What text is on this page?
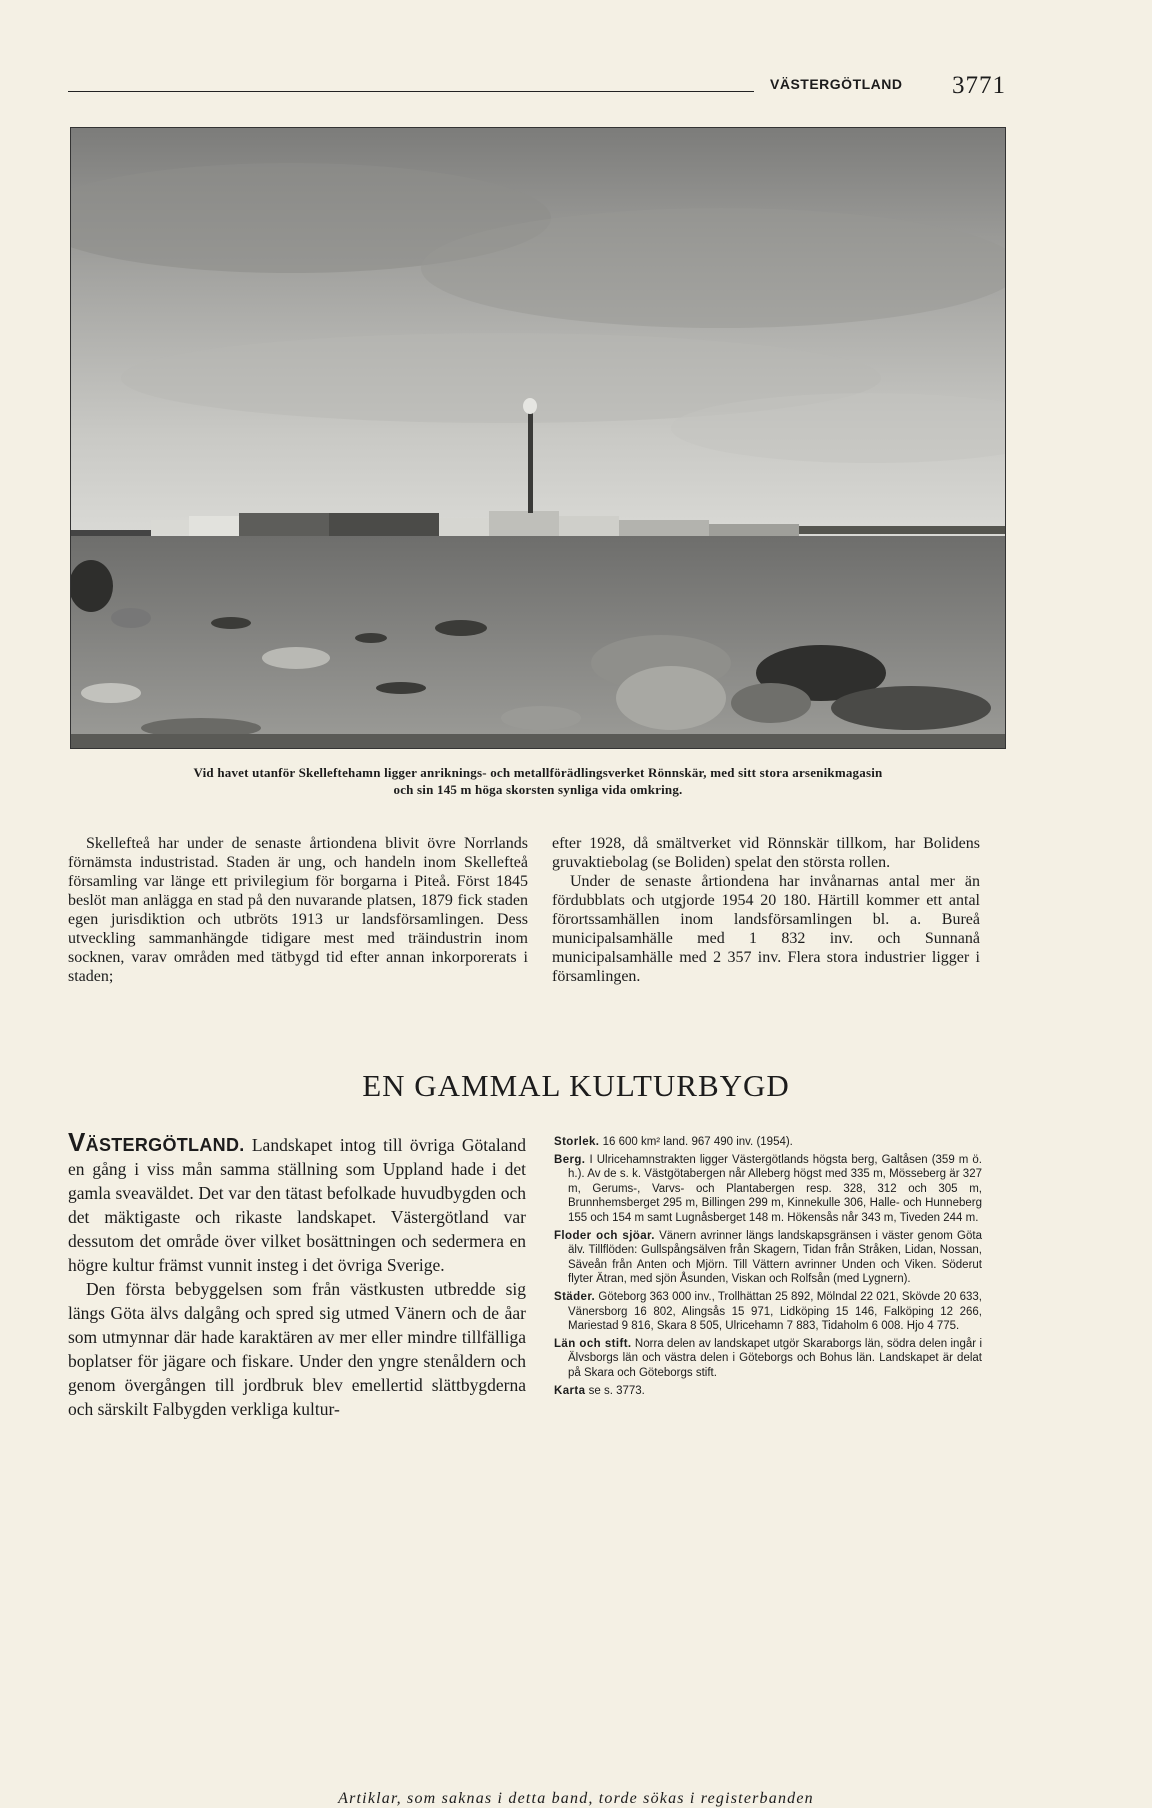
VÄSTERGÖTLAND 3771
Vid havet utanför Skelleftehamn ligger anriknings- och metallförädlingsverket Rönnskär, med sitt stora arsenikmagasin
och sin 145 m höga skorsten synliga vida omkring.

Skellefteå har under de senaste årtiondena blivit övre Norrlands förnämsta industristad. Staden är ung, och handeln inom Skellefteå församling var länge ett privilegium för borgarna i Piteå. Först 1845 beslöt man anlägga en stad på den nuvarande platsen, 1879 fick staden egen jurisdiktion och utbröts 1913 ur landsförsamlingen. Dess utveckling sammanhängde tidigare mest med träindustrin inom socknen, varav områden med tätbygd tid efter annan inkorporerats i staden;

efter 1928, då smältverket vid Rönnskär tillkom, har Bolidens gruvaktiebolag (se Boliden) spelat den största rollen.

Under de senaste årtiondena har invånarnas antal mer än fördubblats och utgjorde 1954 20 180. Härtill kommer ett antal förortssamhällen inom landsförsamlingen bl. a. Bureå municipalsamhälle med 1 832 inv. och Sunnanå municipalsamhälle med 2 357 inv. Flera stora industrier ligger i församlingen.

EN GAMMAL KULTURBYGD

VÄSTERGÖTLAND. Landskapet intog till övriga Götaland en gång i viss mån samma ställning som Uppland hade i det gamla sveaväldet. Det var den tätast befolkade huvudbygden och det mäktigaste och rikaste landskapet. Västergötland var dessutom det område över vilket bosättningen och sedermera en högre kultur främst vunnit insteg i det övriga Sverige.

Den första bebyggelsen som från västkusten utbredde sig längs Göta älvs dalgång och spred sig utmed Vänern och de åar som utmynnar där hade karaktären av mer eller mindre tillfälliga boplatser för jägare och fiskare. Under den yngre stenåldern och genom övergången till jordbruk blev emellertid slättbygderna och särskilt Falbygden verkliga kultur-

Storlek. 16 600 km² land. 967 490 inv. (1954).

Berg. I Ulricehamnstrakten ligger Västergötlands högsta berg, Galtåsen (359 m ö. h.). Av de s. k. Västgötabergen når Alleberg högst med 335 m, Mösseberg är 327 m, Gerums-, Varvs- och Plantabergen resp. 328, 312 och 305 m, Brunnhemsberget 295 m, Billingen 299 m, Kinnekulle 306, Halle- och Hunneberg 155 och 154 m samt Lugnåsberget 148 m. Hökensås når 343 m, Tiveden 244 m.

Floder och sjöar. Vänern avrinner längs landskapsgränsen i väster genom Göta älv. Tillflöden: Gullspångsälven från Skagern, Tidan från Stråken, Lidan, Nossan, Säveån från Anten och Mjörn. Till Vättern avrinner Unden och Viken. Söderut flyter Ätran, med sjön Åsunden, Viskan och Rolfsån (med Lygnern).

Städer. Göteborg 363 000 inv., Trollhättan 25 892, Mölndal 22 021, Skövde 20 633, Vänersborg 16 802, Alingsås 15 971, Lidköping 15 146, Falköping 12 266, Mariestad 9 816, Skara 8 505, Ulricehamn 7 883, Tidaholm 6 008. Hjo 4 775.

Län och stift. Norra delen av landskapet utgör Skaraborgs län, södra delen ingår i Älvsborgs län och västra delen i Göteborgs och Bohus län. Landskapet är delat på Skara och Göteborgs stift.

Karta se s. 3773.

Artiklar, som saknas i detta band, torde sökas i registerbanden
